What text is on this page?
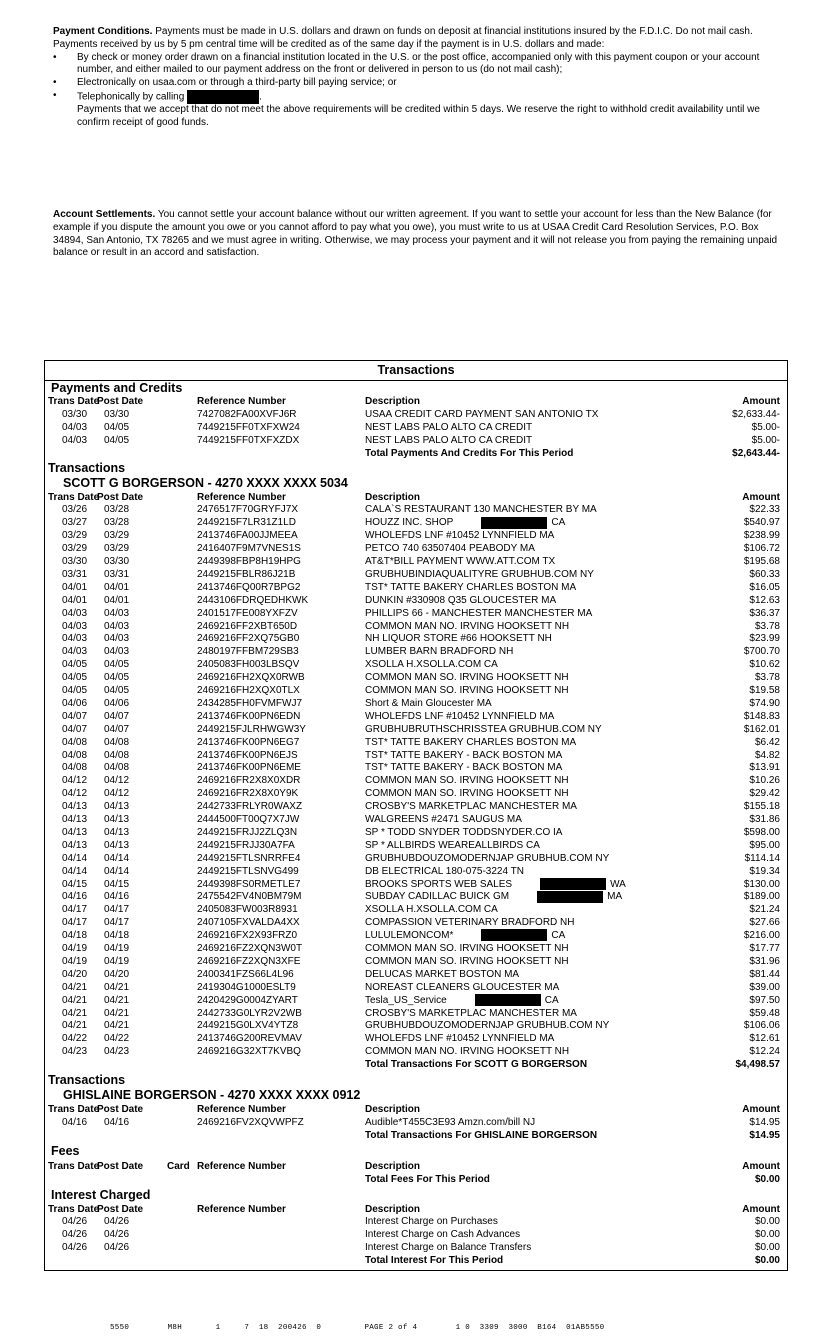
Payment Conditions. Payments must be made in U.S. dollars and drawn on funds on deposit at financial institutions insured by the F.D.I.C. Do not mail cash. Payments received by us by 5 pm central time will be credited as of the same day if the payment is in U.S. dollars and made:
• By check or money order drawn on a financial institution located in the U.S. or the post office, accompanied only with this payment coupon or your account number, and either mailed to our payment address on the front or delivered in person to us (do not mail cash);
• Electronically on usaa.com or through a third-party bill paying service; or
• Telephonically by calling	.
Payments that we accept that do not meet the above requirements will be credited within 5 days. We reserve the right to withhold credit availability until we confirm receipt of good funds.
Account Settlements. You cannot settle your account balance without our written agreement. If you want to settle your account for less than the New Balance (for example if you dispute the amount you owe or you cannot afford to pay what you owe), you must write to us at USAA Credit Card Resolution Services, P.O. Box 34894, San Antonio, TX 78265 and we must agree in writing. Otherwise, we may process your payment and it will not release you from paying the remaining unpaid balance or result in an accord and satisfaction.
Transactions
Payments and Credits
Trans Date
Post Date	Reference Number	Description	Amount
03/30 03/30	7427082FA00XVFJ6R	USAA CREDIT CARD PAYMENT SAN ANTONIO TX	$2,633.44-
04/03 04/05	7449215FF0TXFXW24	NEST LABS PALO ALTO CA CREDIT	$5.00-
04/03 04/05	7449215FF0TXFXZDX	NEST LABS PALO ALTO CA CREDIT	$5.00-
Total Payments And Credits For This Period	$2,643.44-
Transactions
SCOTT G BORGERSON - 4270 XXXX XXXX 5034
Trans Date
Post Date	Reference Number	Description	Amount
03/26 03/28	2476517F70GRYFJ7X	CALA`S RESTAURANT 130 MANCHESTER BY MA	$22.33
03/27 03/28	2449215F7LR31Z1LD	HOUZZ INC. SHOP	CA	$540.97
03/29 03/29	2413746FA00JJMEEA	WHOLEFDS LNF #10452 LYNNFIELD MA	$238.99
03/29 03/29	2416407F9M7VNES1S	PETCO 740 63507404 PEABODY MA	$106.72
03/30 03/30	2449398FBP8H19HPG	AT&T*BILL PAYMENT WWW.ATT.COM TX	$195.68
03/31 03/31	2449215FBLR86J21B	GRUBHUBINDIAQUALITYRE GRUBHUB.COM NY	$60.33
04/01 04/01	2413746FQ00R7BPG2	TST* TATTE BAKERY CHARLES BOSTON MA	$16.05
04/01 04/01	2443106FDRQEDHKWK	DUNKIN #330908 Q35 GLOUCESTER MA	$12.63
04/03 04/03	2401517FE008YXFZV	PHILLIPS 66 - MANCHESTER MANCHESTER MA	$36.37
04/03 04/03	2469216FF2XBT650D	COMMON MAN NO. IRVING HOOKSETT NH	$3.78
04/03 04/03	2469216FF2XQ75GB0	NH LIQUOR STORE #66 HOOKSETT NH	$23.99
04/03 04/03	2480197FFBM729SB3	LUMBER BARN BRADFORD NH	$700.70
04/05 04/05	2405083FH003LBSQV	XSOLLA H.XSOLLA.COM CA	$10.62
04/05 04/05	2469216FH2XQX0RWB	COMMON MAN SO. IRVING HOOKSETT NH	$3.78
04/05 04/05	2469216FH2XQX0TLX	COMMON MAN SO. IRVING HOOKSETT NH	$19.58
04/06 04/06	2434285FH0FVMFWJ7	Short & Main Gloucester MA	$74.90
04/07 04/07	2413746FK00PN6EDN	WHOLEFDS LNF #10452 LYNNFIELD MA	$148.83
04/07 04/07	2449215FJLRHWGW3Y	GRUBHUBRUTHSCHRISSTEA GRUBHUB.COM NY	$162.01
04/08 04/08	2413746FK00PN6EG7	TST* TATTE BAKERY CHARLES BOSTON MA	$6.42
04/08 04/08	2413746FK00PN6EJS	TST* TATTE BAKERY - BACK BOSTON MA	$4.82
04/08 04/08	2413746FK00PN6EME	TST* TATTE BAKERY - BACK BOSTON MA	$13.91
04/12 04/12	2469216FR2X8X0XDR	COMMON MAN SO. IRVING HOOKSETT NH	$10.26
04/12 04/12	2469216FR2X8X0Y9K	COMMON MAN SO. IRVING HOOKSETT NH	$29.42
04/13 04/13	2442733FRLYR0WAXZ	CROSBY'S MARKETPLAC MANCHESTER MA	$155.18
04/13 04/13	2444500FT00Q7X7JW	WALGREENS #2471 SAUGUS MA	$31.86
04/13 04/13	2449215FRJJ2ZLQ3N	SP * TODD SNYDER TODDSNYDER.CO IA	$598.00
04/13 04/13	2449215FRJJ30A7FA	SP * ALLBIRDS WEAREALLBIRDS CA	$95.00
04/14 04/14	2449215FTLSNRRFE4	GRUBHUBDOUZOMODERNJAP GRUBHUB.COM NY	$114.14
04/14 04/14	2449215FTLSNVG499	DB ELECTRICAL 180-075-3224 TN	$19.34
04/15 04/15	2449398FS0RMETLE7	BROOKS SPORTS WEB SALES	WA	$130.00
04/16 04/16	2475542FV4N0BM79M	SUBDAY CADILLAC BUICK GM	MA	$189.00
04/17 04/17	2405083FW003R8931	XSOLLA H.XSOLLA.COM CA	$21.24
04/17 04/17	2407105FXVALDA4XX	COMPASSION VETERINARY BRADFORD NH	$27.66
04/18 04/18	2469216FX2X93FRZ0	LULULEMONCOM*	CA	$216.00
04/19 04/19	2469216FZ2XQN3W0T	COMMON MAN SO. IRVING HOOKSETT NH	$17.77
04/19 04/19	2469216FZ2XQN3XFE	COMMON MAN SO. IRVING HOOKSETT NH	$31.96
04/20 04/20	2400341FZS66L4L96	DELUCAS MARKET BOSTON MA	$81.44
04/21 04/21	2419304G1000ESLT9	NOREAST CLEANERS GLOUCESTER MA	$39.00
04/21 04/21	2420429G0004ZYART	Tesla_US_Service	CA	$97.50
04/21 04/21	2442733G0LYR2V2WB	CROSBY'S MARKETPLAC MANCHESTER MA	$59.48
04/21 04/21	2449215G0LXV4YTZ8	GRUBHUBDOUZOMODERNJAP GRUBHUB.COM NY	$106.06
04/22 04/22	2413746G200REVMAV	WHOLEFDS LNF #10452 LYNNFIELD MA	$12.61
04/23 04/23	2469216G32XT7KVBQ	COMMON MAN NO. IRVING HOOKSETT NH	$12.24
Total Transactions For SCOTT G BORGERSON	$4,498.57
Transactions
GHISLAINE BORGERSON - 4270 XXXX XXXX 0912
Trans Date
Post Date	Reference Number	Description	Amount
04/16 04/16	2469216FV2XQVWPFZ	Audible*T455C3E93 Amzn.com/bill NJ	$14.95
Total Transactions For GHISLAINE BORGERSON	$14.95
Fees
Trans Date
Post Date Card Reference Number	Description	Amount
Total Fees For This Period	$0.00
Interest Charged
Trans Date
Post Date	Reference Number	Description	Amount
04/26 04/26	Interest Charge on Purchases	$0.00
04/26 04/26	Interest Charge on Cash Advances	$0.00
04/26 04/26	Interest Charge on Balance Transfers	$0.00
Total Interest For This Period	$0.00
5550        M8H       1     7  18  200426  0         PAGE 2 of 4        1 0  3309  3000  B164  01AB5550
